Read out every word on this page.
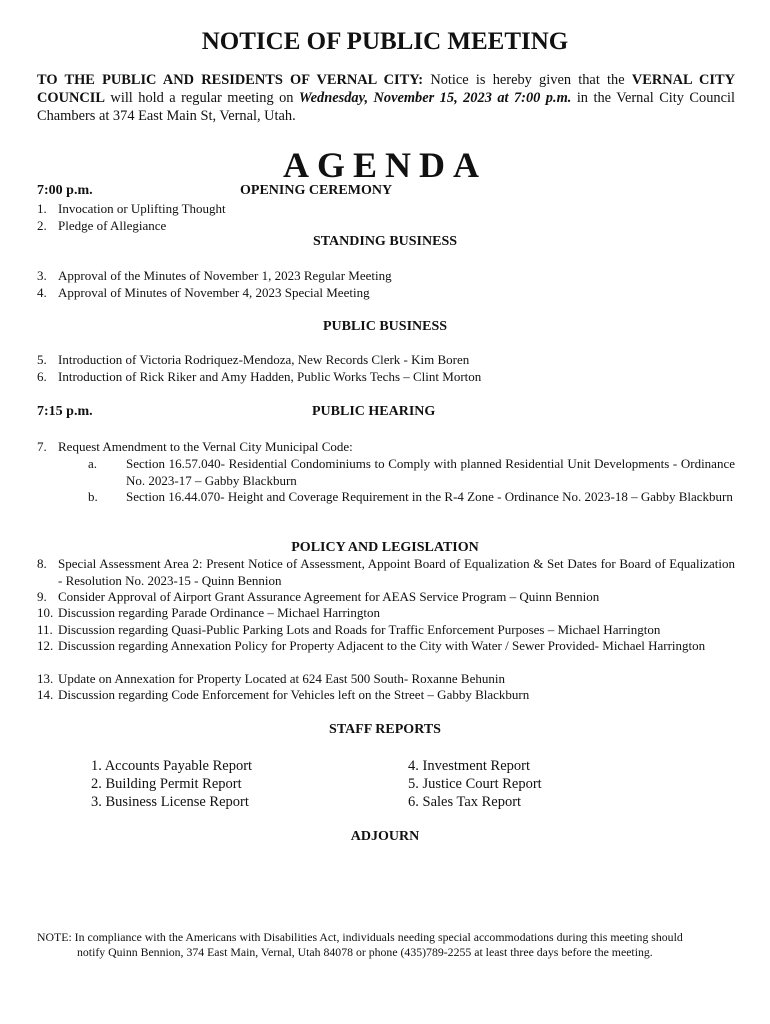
NOTICE OF PUBLIC MEETING
TO THE PUBLIC AND RESIDENTS OF VERNAL CITY: Notice is hereby given that the VERNAL CITY COUNCIL will hold a regular meeting on Wednesday, November 15, 2023 at 7:00 p.m. in the Vernal City Council Chambers at 374 East Main St, Vernal, Utah.
AGENDA
7:00 p.m.	OPENING CEREMONY
1. Invocation or Uplifting Thought
2. Pledge of Allegiance
STANDING BUSINESS
3. Approval of the Minutes of November 1, 2023 Regular Meeting
4. Approval of Minutes of November 4, 2023 Special Meeting
PUBLIC BUSINESS
5. Introduction of Victoria Rodriquez-Mendoza, New Records Clerk - Kim Boren
6. Introduction of Rick Riker and Amy Hadden, Public Works Techs – Clint Morton
7:15 p.m.	PUBLIC HEARING
7. Request Amendment to the Vernal City Municipal Code:
a. Section 16.57.040- Residential Condominiums to Comply with planned Residential Unit Developments - Ordinance No. 2023-17 – Gabby Blackburn
b. Section 16.44.070- Height and Coverage Requirement in the R-4 Zone - Ordinance No. 2023-18 – Gabby Blackburn
POLICY AND LEGISLATION
8. Special Assessment Area 2: Present Notice of Assessment, Appoint Board of Equalization & Set Dates for Board of Equalization - Resolution No. 2023-15 - Quinn Bennion
9. Consider Approval of Airport Grant Assurance Agreement for AEAS Service Program – Quinn Bennion
10. Discussion regarding Parade Ordinance – Michael Harrington
11. Discussion regarding Quasi-Public Parking Lots and Roads for Traffic Enforcement Purposes – Michael Harrington
12. Discussion regarding Annexation Policy for Property Adjacent to the City with Water / Sewer Provided- Michael Harrington
13. Update on Annexation for Property Located at 624 East 500 South- Roxanne Behunin
14. Discussion regarding Code Enforcement for Vehicles left on the Street – Gabby Blackburn
STAFF REPORTS
1. Accounts Payable Report
2. Building Permit Report
3. Business License Report
4. Investment Report
5. Justice Court Report
6. Sales Tax Report
ADJOURN
NOTE: In compliance with the Americans with Disabilities Act, individuals needing special accommodations during this meeting should
notify Quinn Bennion, 374 East Main, Vernal, Utah 84078 or phone (435)789-2255 at least three days before the meeting.
